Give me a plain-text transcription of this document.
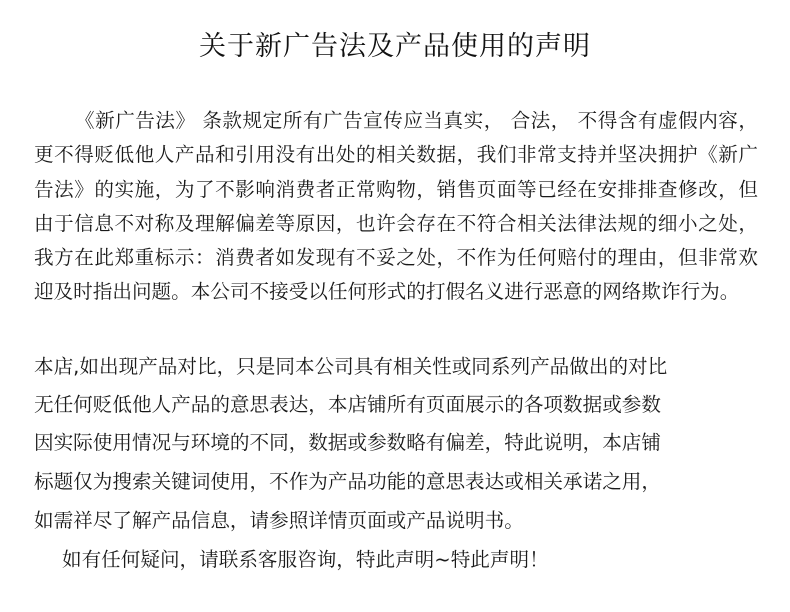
关于新广告法及产品使用的声明
《新广告法》 条款规定所有广告宣传应当真实， 合法， 不得含有虚假内容，更不得贬低他人产品和引用没有出处的相关数据，我们非常支持并坚决拥护《新广告法》的实施，为了不影响消费者正常购物，销售页面等已经在安排排查修改，但由于信息不对称及理解偏差等原因，也许会存在不符合相关法律法规的细小之处，我方在此郑重标示：消费者如发现有不妥之处，不作为任何赔付的理由，但非常欢迎及时指出问题。本公司不接受以任何形式的打假名义进行恶意的网络欺诈行为。
本店,如出现产品对比，只是同本公司具有相关性或同系列产品做出的对比
无任何贬低他人产品的意思表达，本店铺所有页面展示的各项数据或参数
因实际使用情况与环境的不同，数据或参数略有偏差，特此说明，本店铺
标题仅为搜索关键词使用，不作为产品功能的意思表达或相关承诺之用，
如需祥尽了解产品信息，请参照详情页面或产品说明书。
如有任何疑问，请联系客服咨询，特此声明~特此声明！
